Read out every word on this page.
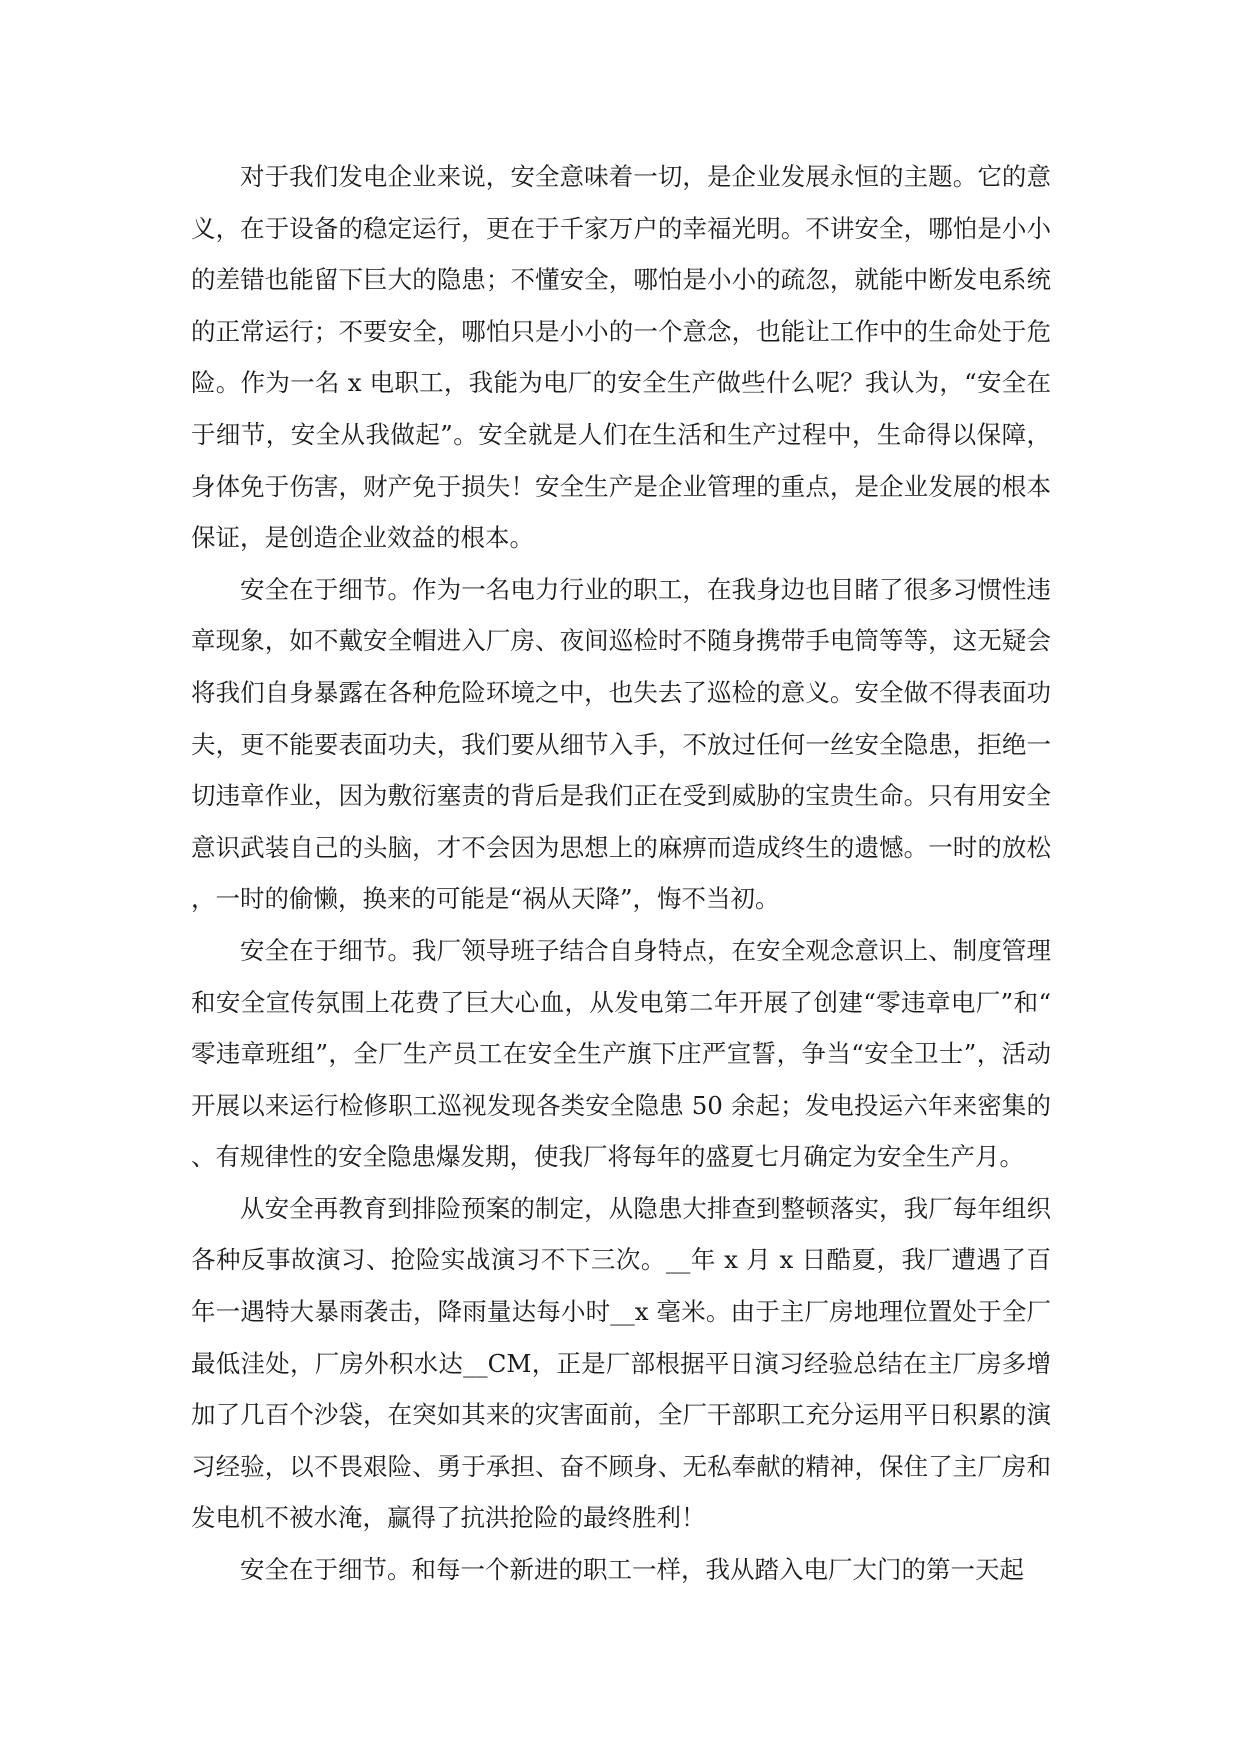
对于我们发电企业来说，安全意味着一切，是企业发展永恒的主题。它的意义，在于设备的稳定运行，更在于千家万户的幸福光明。不讲安全，哪怕是小小的差错也能留下巨大的隐患；不懂安全，哪怕是小小的疏忽，就能中断发电系统的正常运行；不要安全，哪怕只是小小的一个意念，也能让工作中的生命处于危险。作为一名 x 电职工，我能为电厂的安全生产做些什么呢？我认为，“安全在于细节，安全从我做起”。安全就是人们在生活和生产过程中，生命得以保障，身体免于伤害，财产免于损失！安全生产是企业管理的重点，是企业发展的根本保证，是创造企业效益的根本。

安全在于细节。作为一名电力行业的职工，在我身边也目睹了很多习惯性违章现象，如不戴安全帽进入厂房、夜间巡检时不随身携带手电筒等等，这无疑会将我们自身暴露在各种危险环境之中，也失去了巡检的意义。安全做不得表面功夫，更不能要表面功夫，我们要从细节入手，不放过任何一丝安全隐患，拒绝一切违章作业，因为敷衍塞责的背后是我们正在受到威胁的宝贵生命。只有用安全意识武装自己的头脑，才不会因为思想上的麻痹而造成终生的遗憾。一时的放松，一时的偷懒，换来的可能是“祸从天降”，悔不当初。

安全在于细节。我厂领导班子结合自身特点，在安全观念意识上、制度管理和安全宣传氛围上花费了巨大心血，从发电第二年开展了创建“零违章电厂”和“零违章班组”，全厂生产员工在安全生产旗下庄严宣誓，争当“安全卫士”，活动开展以来运行检修职工巡视发现各类安全隐患 50 余起；发电投运六年来密集的、有规律性的安全隐患爆发期，使我厂将每年的盛夏七月确定为安全生产月。

从安全再教育到排险预案的制定，从隐患大排查到整顿落实，我厂每年组织各种反事故演习、抢险实战演习不下三次。__年 x 月 x 日酷夏，我厂遭遇了百年一遇特大暴雨袭击，降雨量达每小时__x 毫米。由于主厂房地理位置处于全厂最低洼处，厂房外积水达__CM，正是厂部根据平日演习经验总结在主厂房多增加了几百个沙袋，在突如其来的灾害面前，全厂干部职工充分运用平日积累的演习经验，以不畏艰险、勇于承担、奋不顾身、无私奉献的精神，保住了主厂房和发电机不被水淹，赢得了抗洪抢险的最终胜利！

安全在于细节。和每一个新进的职工一样，我从踏入电厂大门的第一天起
